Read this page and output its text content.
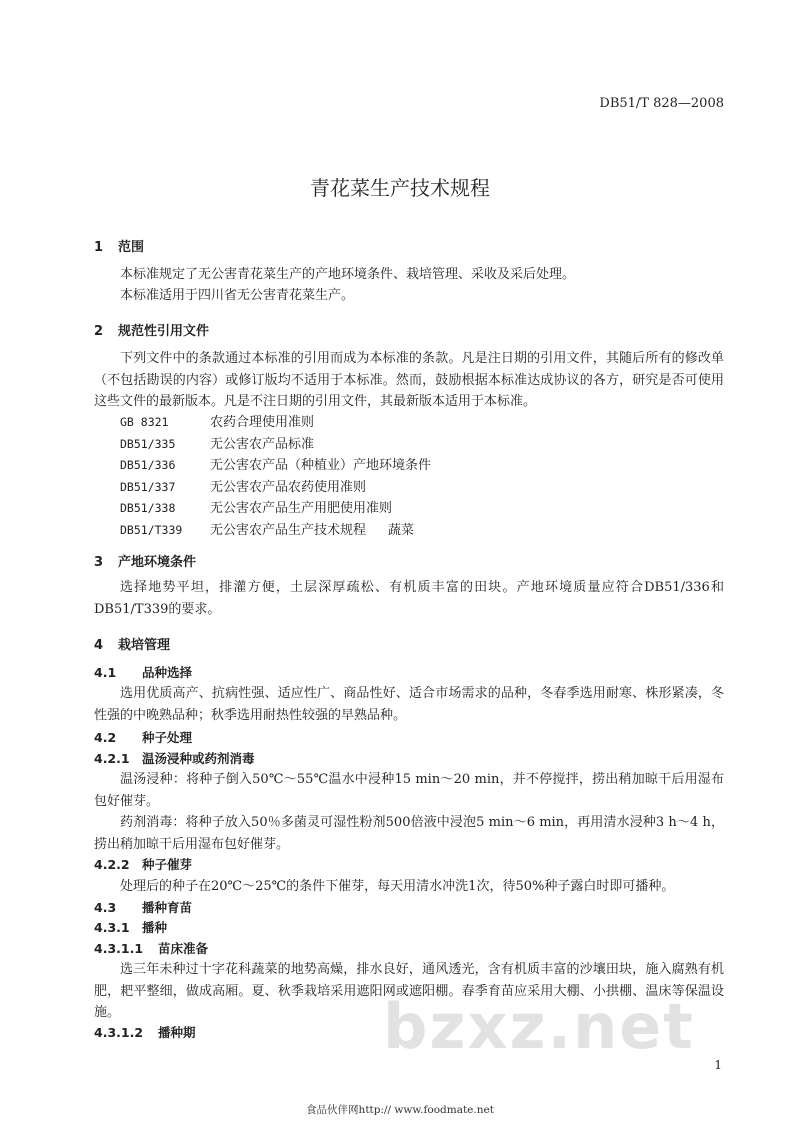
DB51/T 828—2008
青花菜生产技术规程
1 范围
本标准规定了无公害青花菜生产的产地环境条件、栽培管理、采收及采后处理。
本标准适用于四川省无公害青花菜生产。
2 规范性引用文件
下列文件中的条款通过本标准的引用而成为本标准的条款。凡是注日期的引用文件，其随后所有的修改单（不包括勘误的内容）或修订版均不适用于本标准。然而，鼓励根据本标准达成协议的各方，研究是否可使用这些文件的最新版本。凡是不注日期的引用文件，其最新版本适用于本标准。
GB 8321	农药合理使用准则
DB51/335	无公害农产品标准
DB51/336	无公害农产品（种植业）产地环境条件
DB51/337	无公害农产品农药使用准则
DB51/338	无公害农产品生产用肥使用准则
DB51/T339 无公害农产品生产技术规程 蔬菜
3 产地环境条件
选择地势平坦，排灌方便，土层深厚疏松、有机质丰富的田块。产地环境质量应符合DB51/336和DB51/T339的要求。
4 栽培管理
4.1 品种选择
选用优质高产、抗病性强、适应性广、商品性好、适合市场需求的品种，冬春季选用耐寒、株形紧凑，冬性强的中晚熟品种；秋季选用耐热性较强的早熟品种。
4.2 种子处理
4.2.1 温汤浸种或药剂消毒
温汤浸种：将种子倒入50℃～55℃温水中浸种15 min～20 min，并不停搅拌，捞出稍加晾干后用湿布包好催芽。
药剂消毒：将种子放入50％多菌灵可湿性粉剂500倍液中浸泡5 min～6 min，再用清水浸种3 h～4 h，捞出稍加晾干后用湿布包好催芽。
4.2.2 种子催芽
处理后的种子在20℃～25℃的条件下催芽，每天用清水冲洗1次，待50%种子露白时即可播种。
4.3 播种育苗
4.3.1 播种
4.3.1.1 苗床准备
选三年未种过十字花科蔬菜的地势高燥，排水良好，通风透光，含有机质丰富的沙壤田块，施入腐熟有机肥，耙平整细，做成高厢。夏、秋季栽培采用遮阳网或遮阳棚。春季育苗应采用大棚、小拱棚、温床等保温设施。
4.3.1.2 播种期	bzxz.net
1
食品伙伴网http:// www.foodmate.net
